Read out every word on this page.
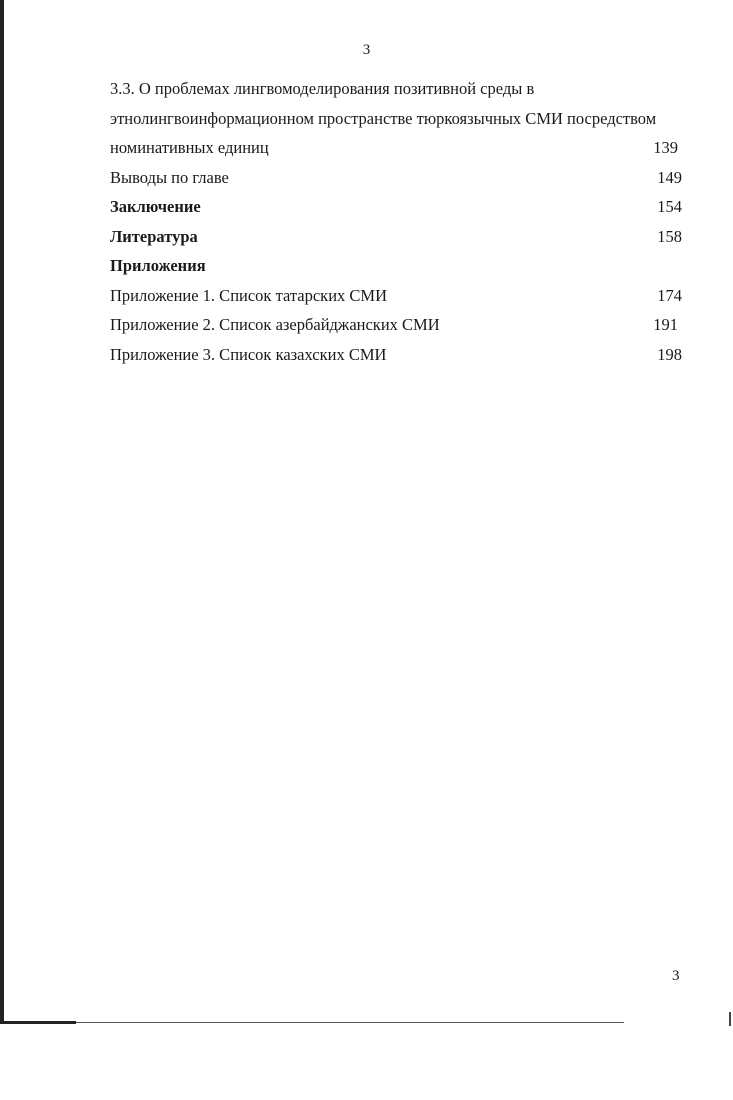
3
3.3. О проблемах лингвомоделирования позитивной среды в
этнолингвоинформационном пространстве тюркоязычных СМИ посредством
номинативных единиц	139
Выводы по главе	149
Заключение	154
Литература	158
Приложения
Приложение 1. Список татарских СМИ	174
Приложение 2. Список азербайджанских СМИ	191
Приложение 3. Список казахских СМИ	198
3
